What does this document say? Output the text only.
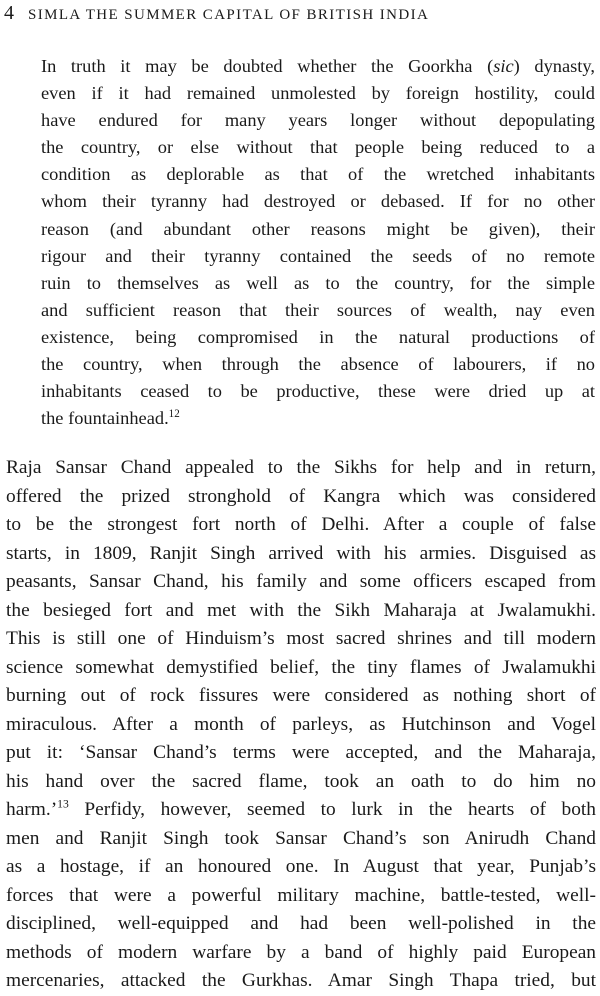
4 SIMLA THE SUMMER CAPITAL OF BRITISH INDIA
In truth it may be doubted whether the Goorkha (sic) dynasty,
even if it had remained unmolested by foreign hostility, could
have endured for many years longer without depopulating
the country, or else without that people being reduced to a
condition as deplorable as that of the wretched inhabitants
whom their tyranny had destroyed or debased. If for no other
reason (and abundant other reasons might be given), their
rigour and their tyranny contained the seeds of no remote
ruin to themselves as well as to the country, for the simple
and sufficient reason that their sources of wealth, nay even
existence, being compromised in the natural productions of
the country, when through the absence of labourers, if no
inhabitants ceased to be productive, these were dried up at
the fountainhead.$^{12}$
Raja Sansar Chand appealed to the Sikhs for help and in return,
offered the prized stronghold of Kangra which was considered
to be the strongest fort north of Delhi. After a couple of false
starts, in 1809, Ranjit Singh arrived with his armies. Disguised as
peasants, Sansar Chand, his family and some officers escaped from
the besieged fort and met with the Sikh Maharaja at Jwalamukhi.
This is still one of Hinduism’s most sacred shrines and till modern
science somewhat demystified belief, the tiny flames of Jwalamukhi
burning out of rock fissures were considered as nothing short of
miraculous. After a month of parleys, as Hutchinson and Vogel
put it: ‘Sansar Chand’s terms were accepted, and the Maharaja,
his hand over the sacred flame, took an oath to do him no
harm.’$^{13}$ Perfidy, however, seemed to lurk in the hearts of both
men and Ranjit Singh took Sansar Chand’s son Anirudh Chand
as a hostage, if an honoured one. In August that year, Punjab’s
forces that were a powerful military machine, battle-tested, well-
disciplined, well-equipped and had been well-polished in the
methods of modern warfare by a band of highly paid European
mercenaries, attacked the Gurkhas. Amar Singh Thapa tried, but
